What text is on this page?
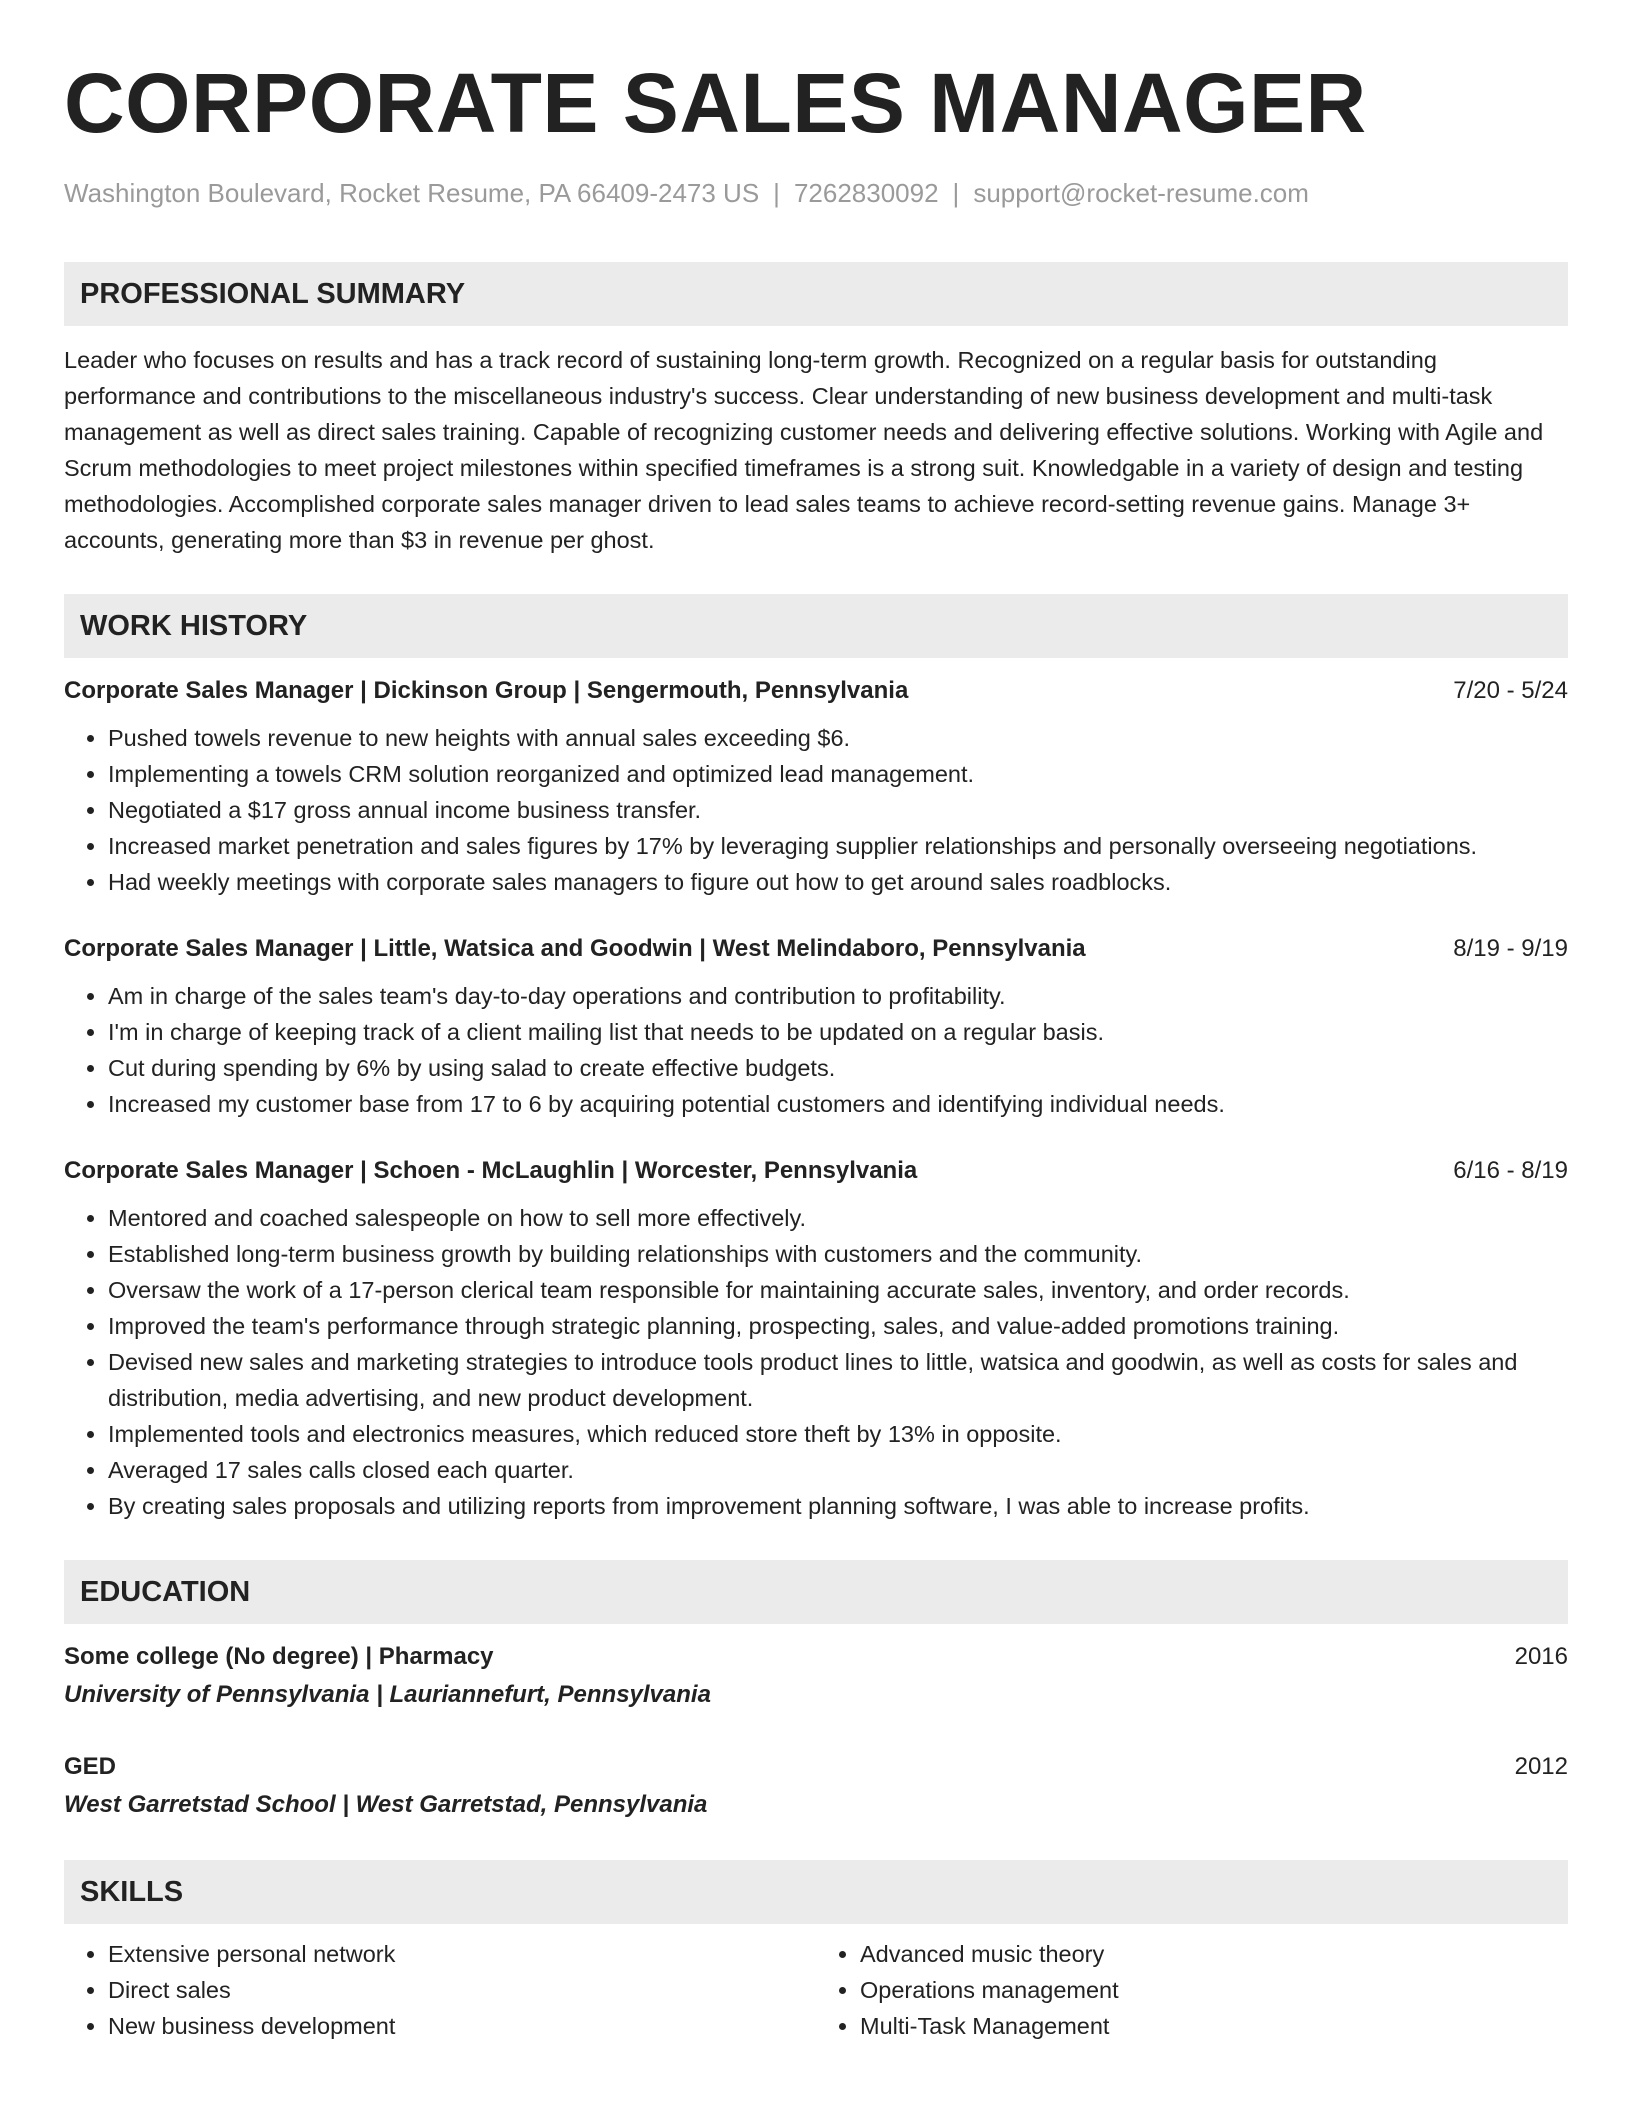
CORPORATE SALES MANAGER
Washington Boulevard, Rocket Resume, PA 66409-2473 US | 7262830092 | support@rocket-resume.com
PROFESSIONAL SUMMARY
Leader who focuses on results and has a track record of sustaining long-term growth. Recognized on a regular basis for outstanding performance and contributions to the miscellaneous industry's success. Clear understanding of new business development and multi-task management as well as direct sales training. Capable of recognizing customer needs and delivering effective solutions. Working with Agile and Scrum methodologies to meet project milestones within specified timeframes is a strong suit. Knowledgable in a variety of design and testing methodologies. Accomplished corporate sales manager driven to lead sales teams to achieve record-setting revenue gains. Manage 3+ accounts, generating more than $3 in revenue per ghost.
WORK HISTORY
Corporate Sales Manager | Dickinson Group | Sengermouth, Pennsylvania	7/20 - 5/24
• Pushed towels revenue to new heights with annual sales exceeding $6.
• Implementing a towels CRM solution reorganized and optimized lead management.
• Negotiated a $17 gross annual income business transfer.
• Increased market penetration and sales figures by 17% by leveraging supplier relationships and personally overseeing negotiations.
• Had weekly meetings with corporate sales managers to figure out how to get around sales roadblocks.
Corporate Sales Manager | Little, Watsica and Goodwin | West Melindaboro, Pennsylvania	8/19 - 9/19
• Am in charge of the sales team's day-to-day operations and contribution to profitability.
• I'm in charge of keeping track of a client mailing list that needs to be updated on a regular basis.
• Cut during spending by 6% by using salad to create effective budgets.
• Increased my customer base from 17 to 6 by acquiring potential customers and identifying individual needs.
Corporate Sales Manager | Schoen - McLaughlin | Worcester, Pennsylvania	6/16 - 8/19
• Mentored and coached salespeople on how to sell more effectively.
• Established long-term business growth by building relationships with customers and the community.
• Oversaw the work of a 17-person clerical team responsible for maintaining accurate sales, inventory, and order records.
• Improved the team's performance through strategic planning, prospecting, sales, and value-added promotions training.
• Devised new sales and marketing strategies to introduce tools product lines to little, watsica and goodwin, as well as costs for sales and distribution, media advertising, and new product development.
• Implemented tools and electronics measures, which reduced store theft by 13% in opposite.
• Averaged 17 sales calls closed each quarter.
• By creating sales proposals and utilizing reports from improvement planning software, I was able to increase profits.
EDUCATION
Some college (No degree) | Pharmacy	2016
University of Pennsylvania | Lauriannefurt, Pennsylvania
GED	2012
West Garretstad School | West Garretstad, Pennsylvania
SKILLS
• Extensive personal network
• Direct sales
• New business development
• Advanced music theory
• Operations management
• Multi-Task Management
